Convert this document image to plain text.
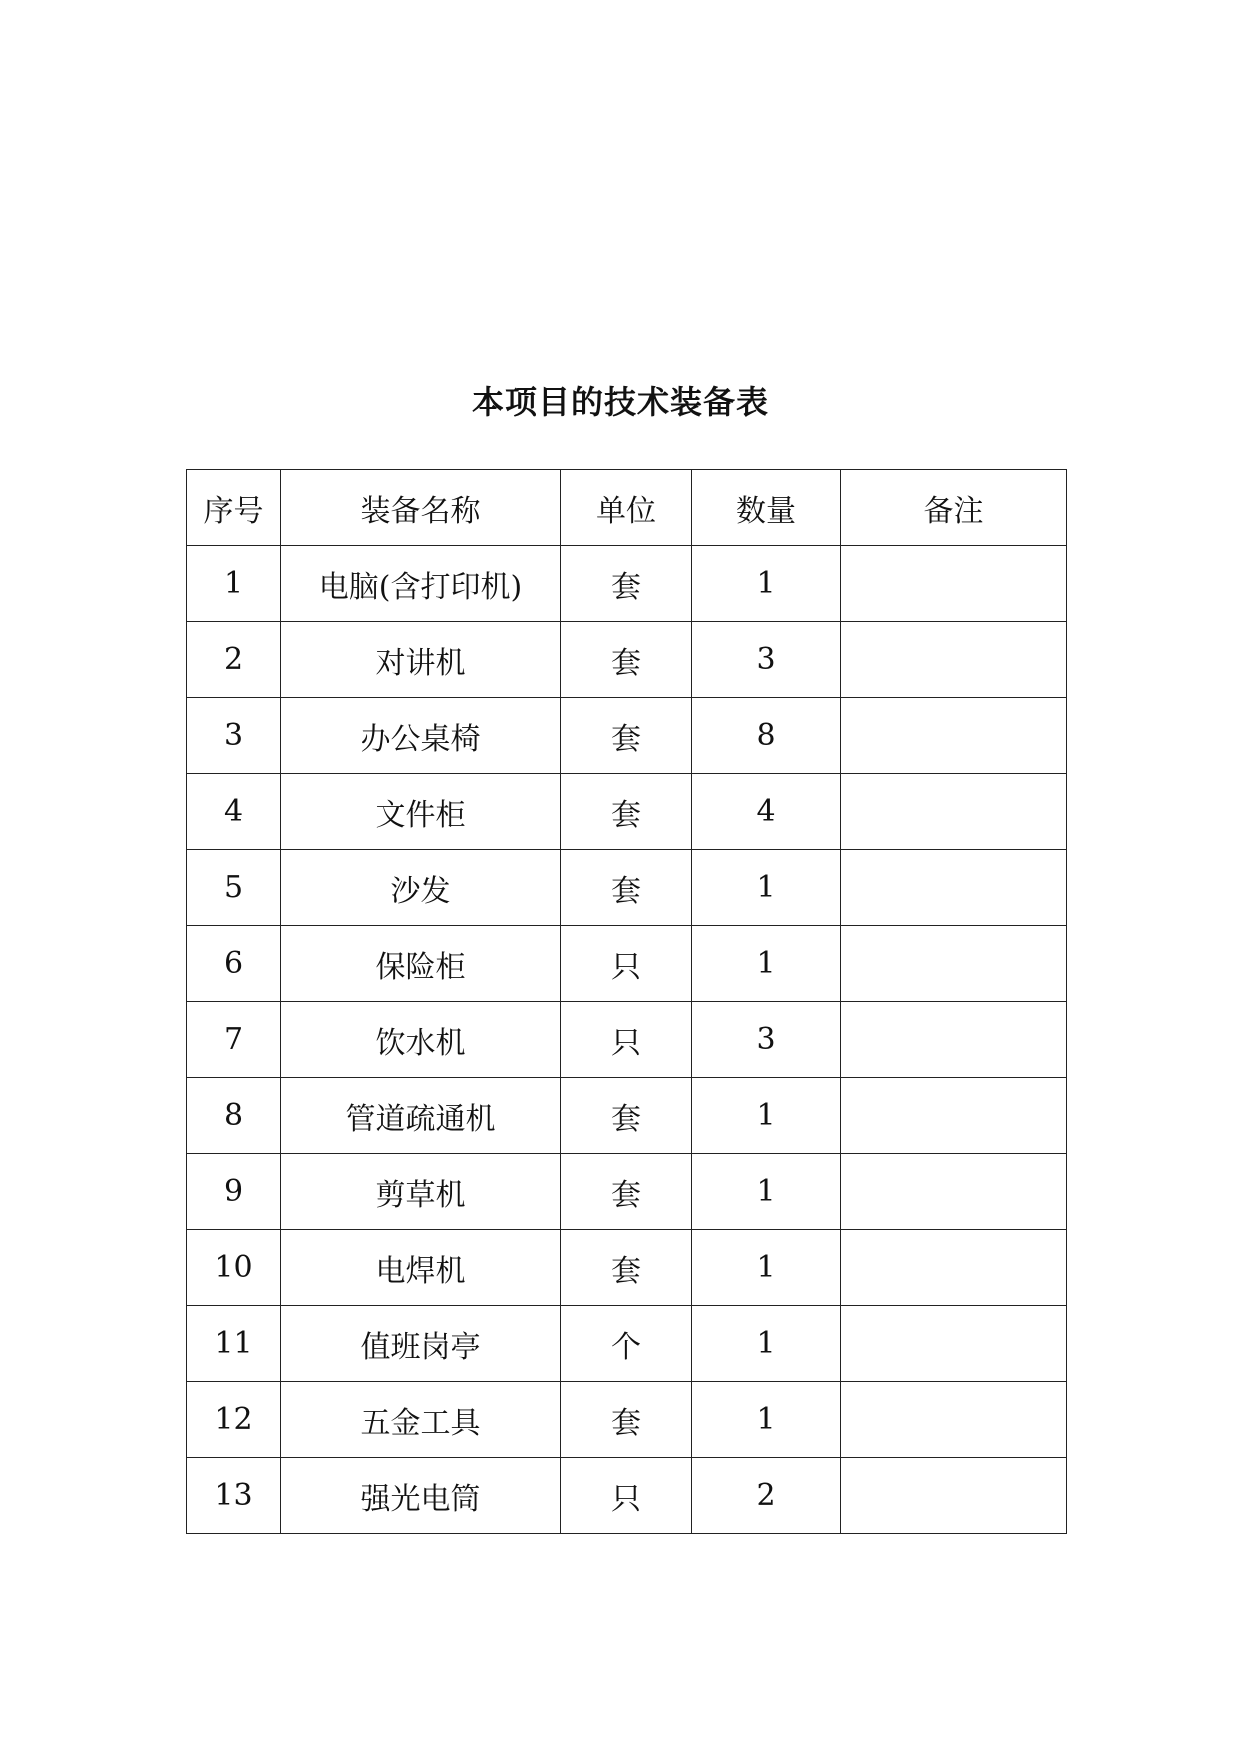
本项目的技术装备表
序号	装备名称	单位	数量	备注
1	电脑(含打印机)	套	1	
2	对讲机	套	3	
3	办公桌椅	套	8	
4	文件柜	套	4	
5	沙发	套	1	
6	保险柜	只	1	
7	饮水机	只	3	
8	管道疏通机	套	1	
9	剪草机	套	1	
10	电焊机	套	1	
11	值班岗亭	个	1	
12	五金工具	套	1	
13	强光电筒	只	2	
